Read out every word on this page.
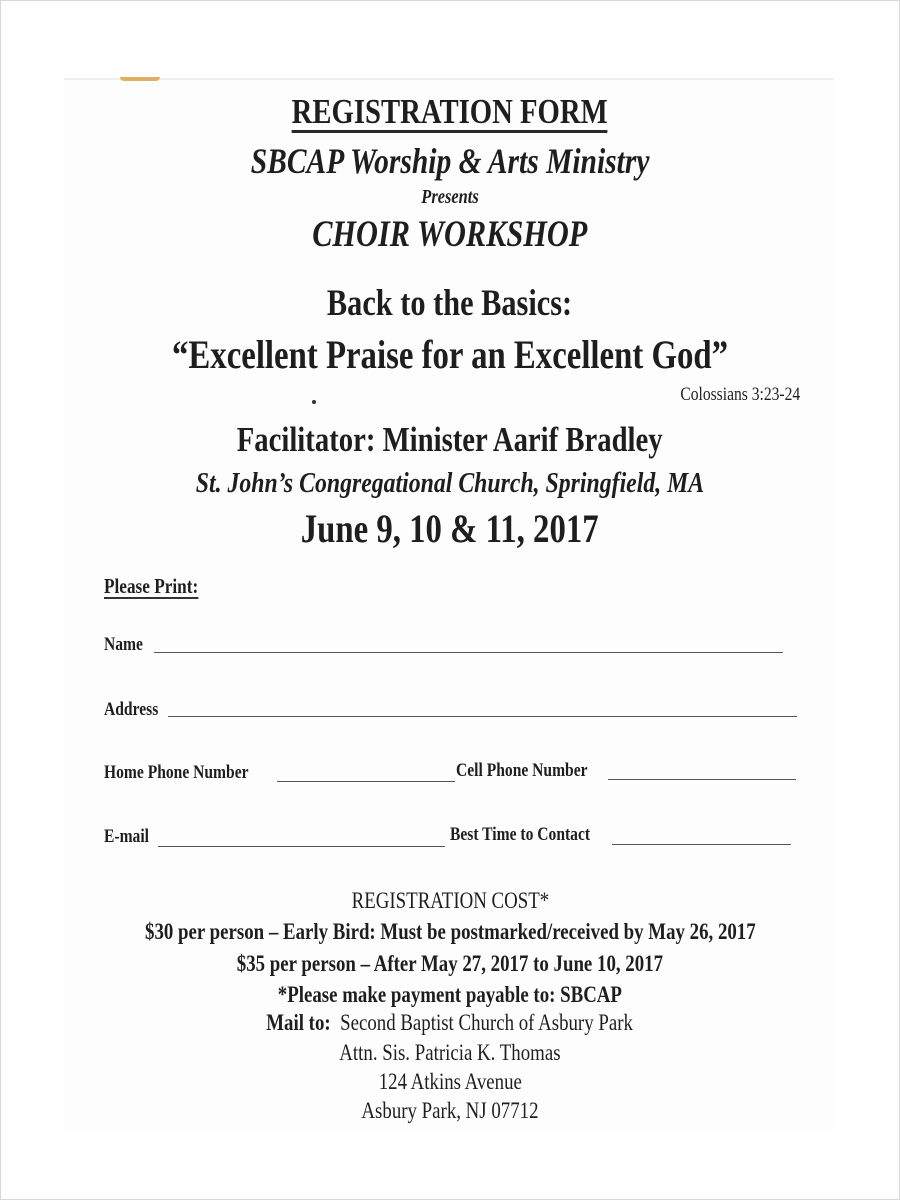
REGISTRATION FORM
SBCAP Worship & Arts Ministry
Presents
CHOIR WORKSHOP
Back to the Basics:
“Excellent Praise for an Excellent God”
Colossians 3:23-24
Facilitator: Minister Aarif Bradley
St. John’s Congregational Church, Springfield, MA
June 9, 10 & 11, 2017
Please Print:
Name
Address
Home Phone Number	Cell Phone Number
E-mail	Best Time to Contact
REGISTRATION COST*
$30 per person – Early Bird: Must be postmarked/received by May 26, 2017
$35 per person – After May 27, 2017 to June 10, 2017
*Please make payment payable to: SBCAP
Mail to: Second Baptist Church of Asbury Park
Attn. Sis. Patricia K. Thomas
124 Atkins Avenue
Asbury Park, NJ 07712
